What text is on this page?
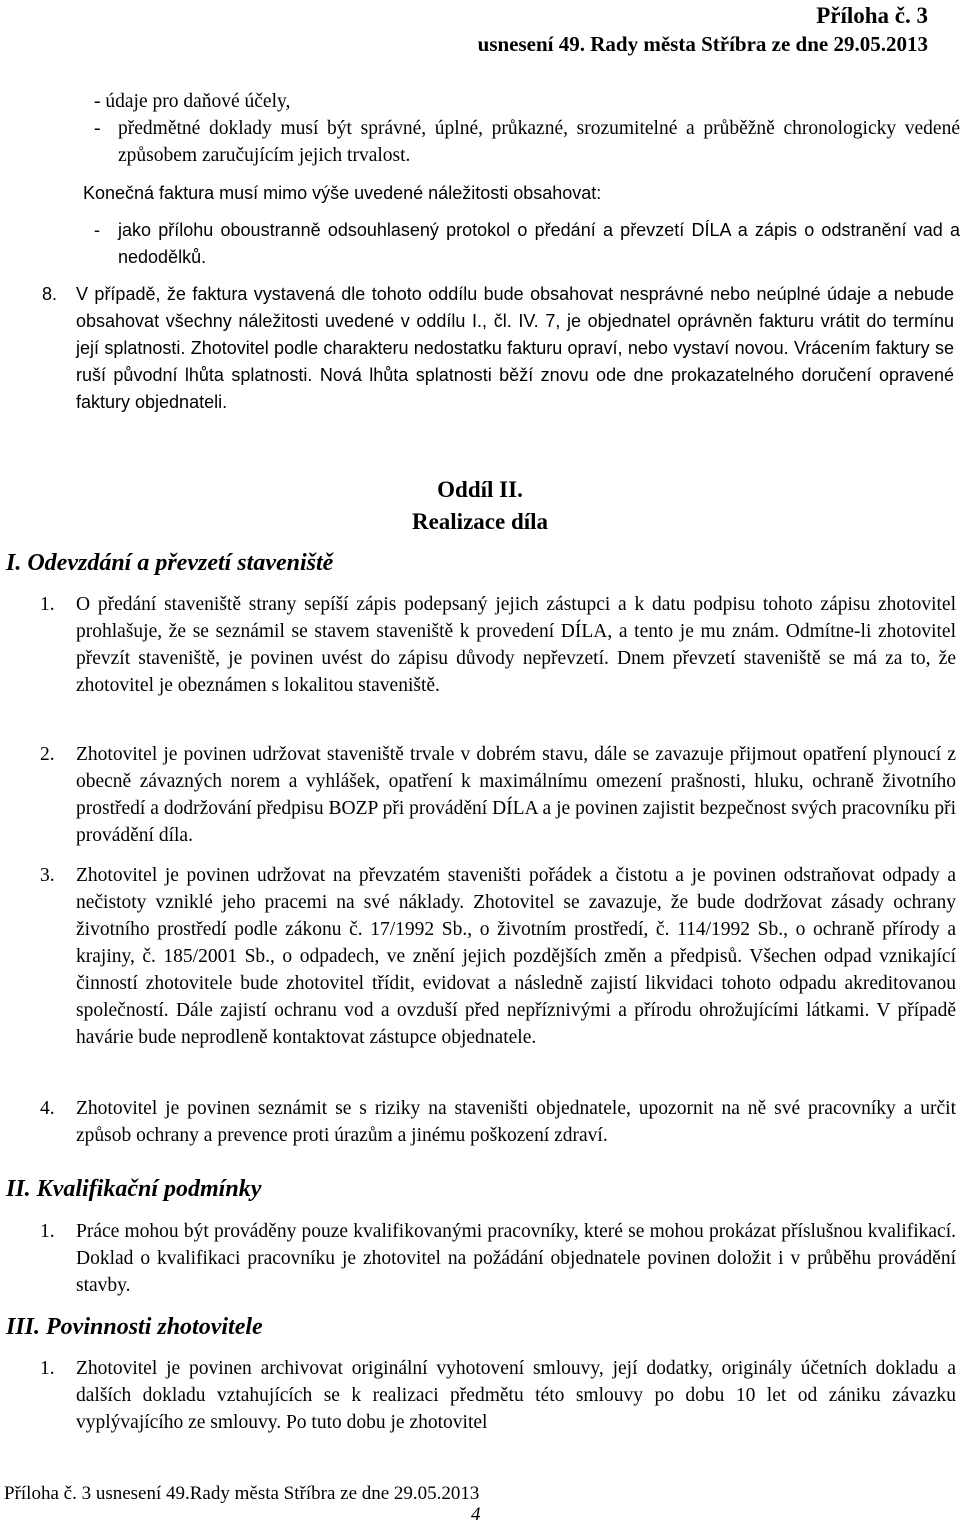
Příloha č. 3
usnesení 49. Rady města Stříbra ze dne 29.05.2013
- údaje pro daňové účely,
- předmětné doklady musí být správné, úplné, průkazné, srozumitelné a průběžně chronologicky vedené způsobem zaručujícím jejich trvalost.
Konečná faktura musí mimo výše uvedené náležitosti obsahovat:
- jako přílohu oboustranně odsouhlasený protokol o předání a převzetí DÍLA a zápis o odstranění vad a nedodělků.
8. V případě, že faktura vystavená dle tohoto oddílu bude obsahovat nesprávné nebo neúplné údaje a nebude obsahovat všechny náležitosti uvedené v oddílu I., čl. IV. 7, je objednatel oprávněn fakturu vrátit do termínu její splatnosti. Zhotovitel podle charakteru nedostatku fakturu opraví, nebo vystaví novou. Vrácením faktury se ruší původní lhůta splatnosti. Nová lhůta splatnosti běží znovu ode dne prokazatelného doručení opravené faktury objednateli.
Oddíl II.
Realizace díla
I. Odevzdání a převzetí staveniště
1. O předání staveniště strany sepíší zápis podepsaný jejich zástupci a k datu podpisu tohoto zápisu zhotovitel prohlašuje, že se seznámil se stavem staveniště k provedení DÍLA, a tento je mu znám. Odmítne-li zhotovitel převzít staveniště, je povinen uvést do zápisu důvody nepřevzetí. Dnem převzetí staveniště se má za to, že zhotovitel je obeznámen s lokalitou staveniště.
2. Zhotovitel je povinen udržovat staveniště trvale v dobrém stavu, dále se zavazuje přijmout opatření plynoucí z obecně závazných norem a vyhlášek, opatření k maximálnímu omezení prašnosti, hluku, ochraně životního prostředí a dodržování předpisu BOZP při provádění DÍLA a je povinen zajistit bezpečnost svých pracovníku při provádění díla.
3. Zhotovitel je povinen udržovat na převzatém staveništi pořádek a čistotu a je povinen odstraňovat odpady a nečistoty vzniklé jeho pracemi na své náklady. Zhotovitel se zavazuje, že bude dodržovat zásady ochrany životního prostředí podle zákonu č. 17/1992 Sb., o životním prostředí, č. 114/1992 Sb., o ochraně přírody a krajiny, č. 185/2001 Sb., o odpadech, ve znění jejich pozdějších změn a předpisů. Všechen odpad vznikající činností zhotovitele bude zhotovitel třídit, evidovat a následně zajistí likvidaci tohoto odpadu akreditovanou společností. Dále zajistí ochranu vod a ovzduší před nepříznivými a přírodu ohrožujícími látkami. V případě havárie bude neprodleně kontaktovat zástupce objednatele.
4. Zhotovitel je povinen seznámit se s riziky na staveništi objednatele, upozornit na ně své pracovníky a určit způsob ochrany a prevence proti úrazům a jinému poškození zdraví.
II. Kvalifikační podmínky
1. Práce mohou být prováděny pouze kvalifikovanými pracovníky, které se mohou prokázat příslušnou kvalifikací. Doklad o kvalifikaci pracovníku je zhotovitel na požádání objednatele povinen doložit i v průběhu provádění stavby.
III. Povinnosti zhotovitele
1. Zhotovitel je povinen archivovat originální vyhotovení smlouvy, její dodatky, originály účetních dokladu a dalších dokladu vztahujících se k realizaci předmětu této smlouvy po dobu 10 let od zániku závazku vyplývajícího ze smlouvy. Po tuto dobu je zhotovitel
Příloha č. 3 usnesení 49.Rady města Stříbra ze dne 29.05.2013
4
